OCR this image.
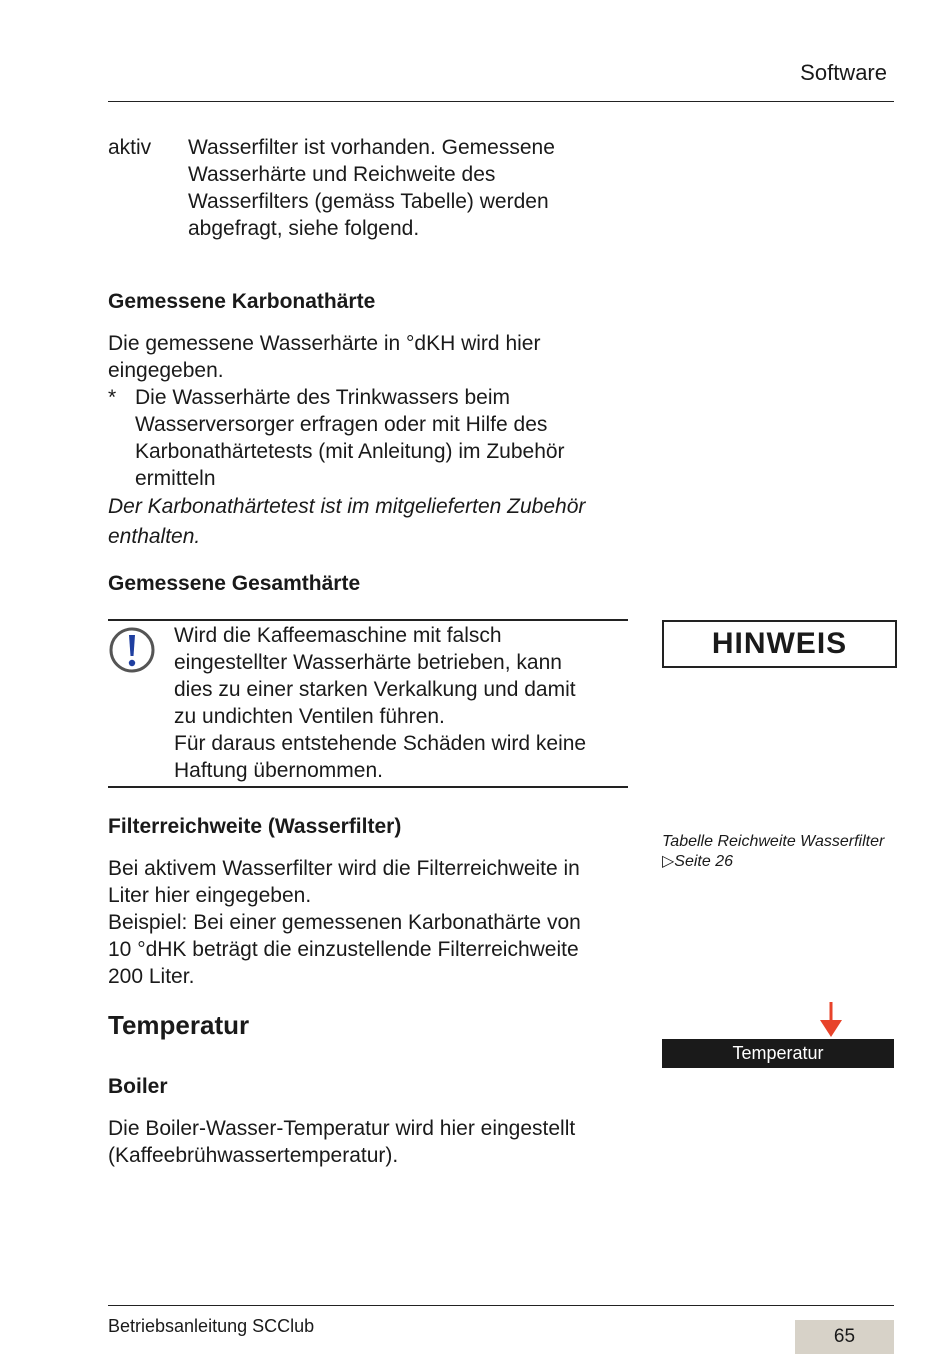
Software
aktiv Wasserfilter ist vorhanden. Gemessene
Wasserhärte und Reichweite des
Wasserfilters (gemäss Tabelle) werden
abgefragt, siehe folgend.
Gemessene Karbonathärte
Die gemessene Wasserhärte in °dKH wird hier
eingegeben.
* Die Wasserhärte des Trinkwassers beim
Wasserversorger erfragen oder mit Hilfe des
Karbonathärtetests (mit Anleitung) im Zubehör
ermitteln
Der Karbonathärtetest ist im mitgelieferten Zubehör
enthalten.
Gemessene Gesamthärte
Wird die Kaffeemaschine mit falsch
eingestellter Wasserhärte betrieben, kann
dies zu einer starken Verkalkung und damit
zu undichten Ventilen führen.
Für daraus entstehende Schäden wird keine
Haftung übernommen.
HINWEIS
Filterreichweite (Wasserfilter)
Bei aktivem Wasserfilter wird die Filterreichweite in
Liter hier eingegeben.
Beispiel: Bei einer gemessenen Karbonathärte von
10 °dHK beträgt die einzustellende Filterreichweite
200 Liter.
Tabelle Reichweite Wasserfilter
▷Seite 26
Temperatur
Temperatur
Boiler
Die Boiler-Wasser-Temperatur wird hier eingestellt
(Kaffeebrühwassertemperatur).
Betriebsanleitung SCClub	65
